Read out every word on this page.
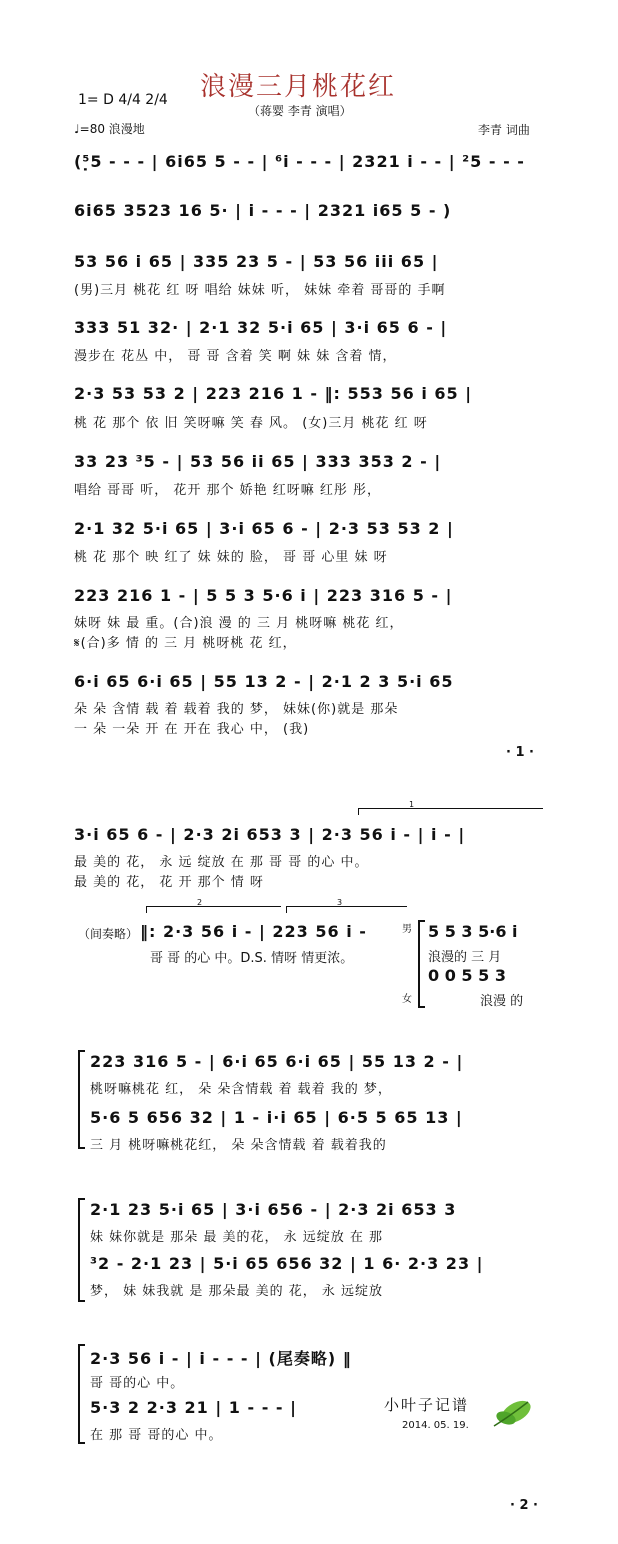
浪漫三月桃花红
（蒋婴 李青 演唱）
1= D 4/4 2/4
♩=80 浪漫地	李青 词曲
(⁵̣5 - - - | 6i65 5 - - | ⁶i - - - | 2321 i - - | ²5 - - -
6i65 3523 16 5· | i - - - | 2321 i65 5 - )
53 56 i 65 | 335 23 5 - | 53 56 iii 65 |
(男)三月 桃花 红 呀 唱给 妹妹 听， 妹妹 牵着 哥哥的 手啊
333 51 32· | 2·1 32 5·i 65 | 3·i 65 6 - |
漫步在 花丛 中， 哥 哥 含着 笑 啊 妹 妹 含着 情，
2·3 53 53 2 | 223 216 1 - ‖: 553 56 i 65 |
桃 花 那个 依 旧 笑呀嘛 笑 春 风。 (女)三月 桃花 红 呀
33 23 ³5 - | 53 56 ii 65 | 333 353 2 - |
唱给 哥哥 听， 花开 那个 娇艳 红呀嘛 红彤 彤，
2·1 32 5·i 65 | 3·i 65 6 - | 2·3 53 53 2 |
桃 花 那个 映 红了 妹 妹的 脸， 哥 哥 心里 妹 呀
223 216 1 - | 5 5 3 5·6 i | 223 316 5 - |
妹呀 妹 最 重。(合)浪 漫 的 三 月 桃呀嘛 桃花 红，
𝄋(合)多 情 的 三 月 桃呀桃 花 红，
6·i 65 6·i 65 | 55 13 2 - | 2·1 2 3 5·i 65
朵 朵 含情 载 着 载着 我的 梦， 妹妹(你)就是 那朵
一 朵 一朵 开 在 开在 我心 中， (我)
· 1 ·
1
3·i 65 6 - | 2·3 2i 653 3 | 2·3 56 i - | i - |
最 美的 花， 永 远 绽放 在 那 哥 哥 的心 中。
最 美的 花， 花 开 那个 情 呀
2	3
（间奏略） ‖: 2·3 56 i - | 223 56 i -
哥 哥 的心 中。D.S. 情呀 情更浓。
男
女
5 5 3 5·6 i
浪漫的 三 月
0 0 5 5 3
浪漫 的
223 316 5 - | 6·i 65 6·i 65 | 55 13 2 - |
桃呀嘛桃花 红， 朵 朵含情载 着 载着 我的 梦，
5·6 5 656 32 | 1 - i·i 65 | 6·5 5 65 13 |
三 月 桃呀嘛桃花红， 朵 朵含情载 着 载着我的
2·1 23 5·i 65 | 3·i 656 - | 2·3 2i 653 3
妹 妹你就是 那朵 最 美的花， 永 远绽放 在 那
³2 - 2·1 23 | 5·i 65 656 32 | 1 6· 2·3 23 |
梦， 妹 妹我就 是 那朵最 美的 花， 永 远绽放
2·3 56 i - | i - - - | (尾奏略) ‖
哥 哥的心 中。
5·3 2 2·3 21 | 1 - - - |
在 那 哥 哥的心 中。
小叶子记谱
2014. 05. 19.
· 2 ·
